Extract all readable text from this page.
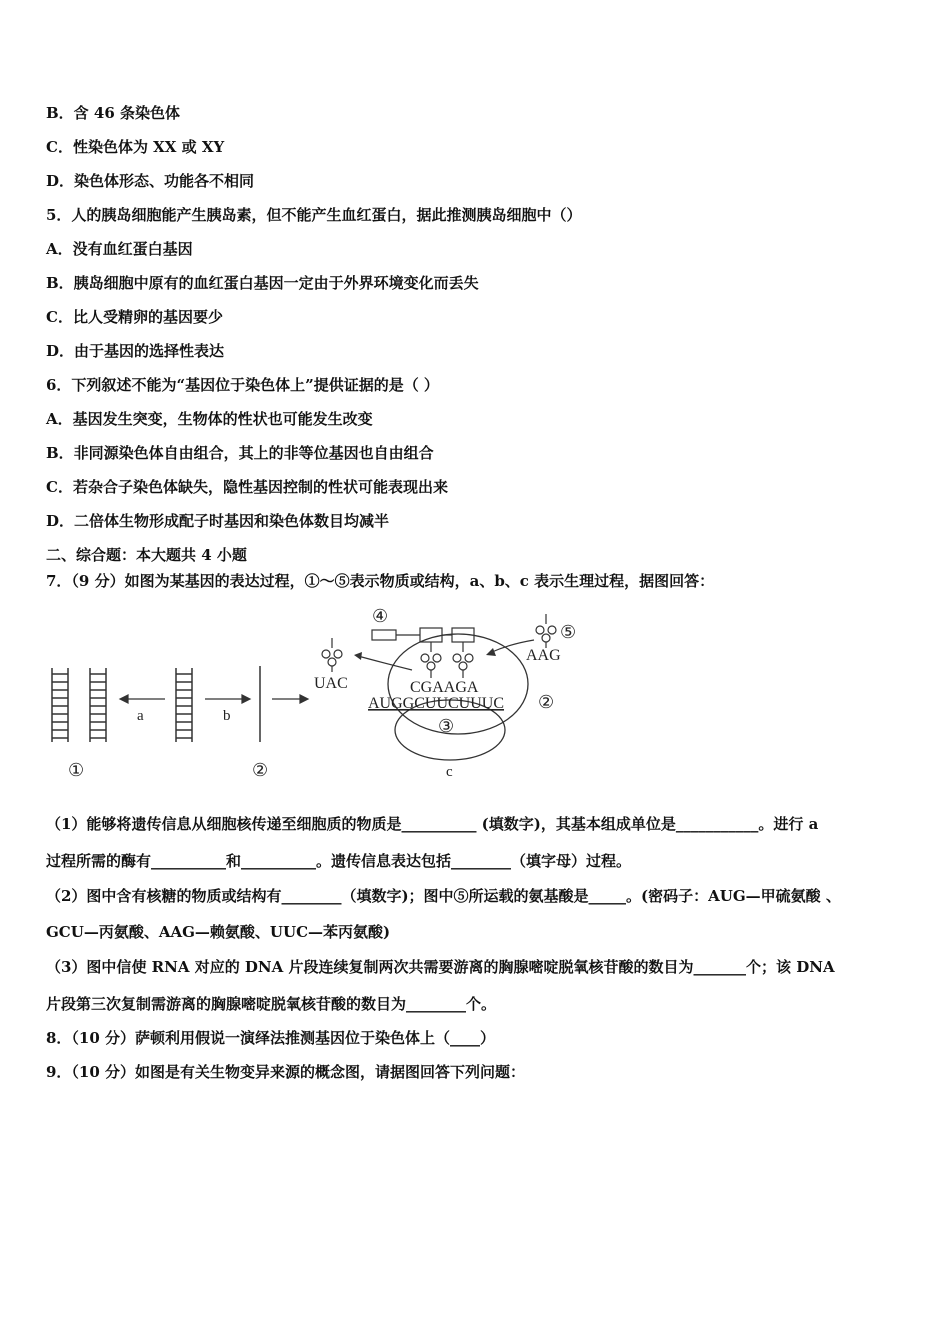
B．含 46 条染色体
C．性染色体为 XX 或 XY
D．染色体形态、功能各不相同
5．人的胰岛细胞能产生胰岛素，但不能产生血红蛋白，据此推测胰岛细胞中（）
A．没有血红蛋白基因
B．胰岛细胞中原有的血红蛋白基因一定由于外界环境变化而丢失
C．比人受精卵的基因要少
D．由于基因的选择性表达
6．下列叙述不能为“基因位于染色体上”提供证据的是（ ）
A．基因发生突变，生物体的性状也可能发生改变
B．非同源染色体自由组合，其上的非等位基因也自由组合
C．若杂合子染色体缺失，隐性基因控制的性状可能表现出来
D．二倍体生物形成配子时基因和染色体数目均减半
二、综合题：本大题共 4 小题
7．（9 分）如图为某基因的表达过程，①～⑤表示物质或结构，a、b、c 表示生理过程，据图回答：
（1）能够将遗传信息从细胞核传递至细胞质的物质是__________ (填数字)，其基本组成单位是___________。进行 a
过程所需的酶有__________和__________。遗传信息表达包括________（填字母）过程。
（2）图中含有核糖的物质或结构有________（填数字)；图中⑤所运载的氨基酸是_____。(密码子：AUG—甲硫氨酸 、
GCU—丙氨酸、AAG—赖氨酸、UUC—苯丙氨酸)
（3）图中信使 RNA 对应的 DNA 片段连续复制两次共需要游离的胸腺嘧啶脱氧核苷酸的数目为_______个；该 DNA
片段第三次复制需游离的胸腺嘧啶脱氧核苷酸的数目为________个。
8．（10 分）萨顿利用假说一演绎法推测基因位于染色体上（____）
9．（10 分）如图是有关生物变异来源的概念图，请据图回答下列问题：
①
a	b
②
③
④
UAC
⑤
AAG
CGAAGA
AUGGCUUCUUUC ②
c
